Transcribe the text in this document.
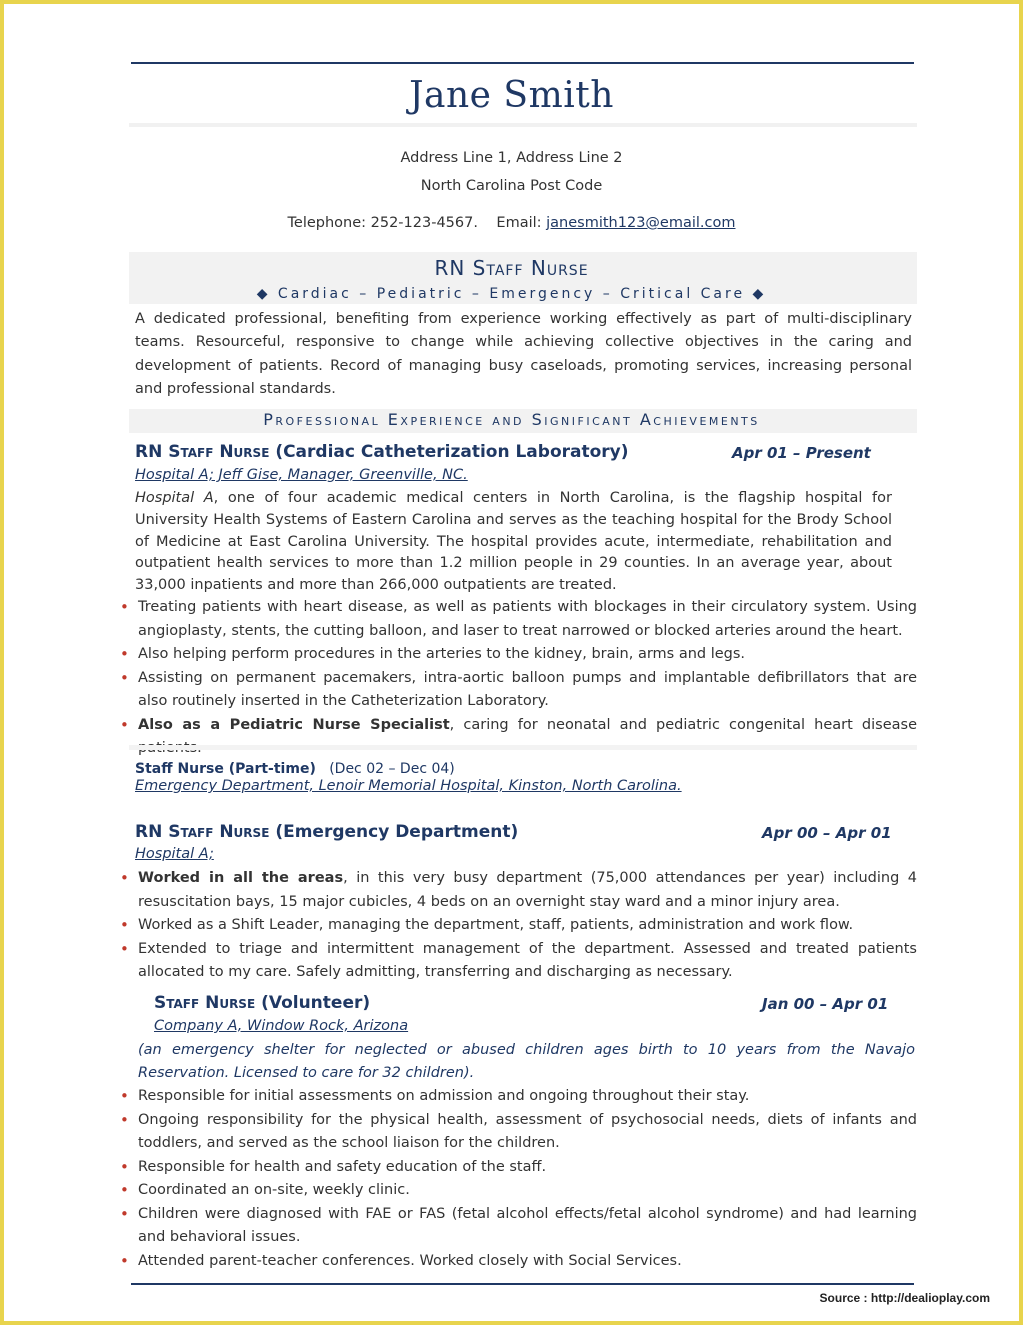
Jane Smith
Address Line 1, Address Line 2
North Carolina Post Code
Telephone: 252-123-4567. Email: janesmith123@email.com
RN Staff Nurse
◆ Cardiac – Pediatric – Emergency – Critical Care ◆
A dedicated professional, benefiting from experience working effectively as part of multi-disciplinary teams. Resourceful, responsive to change while achieving collective objectives in the caring and development of patients. Record of managing busy caseloads, promoting services, increasing personal and professional standards.
Professional Experience and Significant Achievements
RN Staff Nurse (Cardiac Catheterization Laboratory)	Apr 01 – Present
Hospital A; Jeff Gise, Manager, Greenville, NC.
Hospital A, one of four academic medical centers in North Carolina, is the flagship hospital for University Health Systems of Eastern Carolina and serves as the teaching hospital for the Brody School of Medicine at East Carolina University. The hospital provides acute, intermediate, rehabilitation and outpatient health services to more than 1.2 million people in 29 counties. In an average year, about 33,000 inpatients and more than 266,000 outpatients are treated.
• Treating patients with heart disease, as well as patients with blockages in their circulatory system. Using angioplasty, stents, the cutting balloon, and laser to treat narrowed or blocked arteries around the heart.
• Also helping perform procedures in the arteries to the kidney, brain, arms and legs.
• Assisting on permanent pacemakers, intra-aortic balloon pumps and implantable defibrillators that are also routinely inserted in the Catheterization Laboratory.
• Also as a Pediatric Nurse Specialist, caring for neonatal and pediatric congenital heart disease
Staff Nurse (Part-time) (Dec 02 – Dec 04)
Emergency Department, Lenoir Memorial Hospital, Kinston, North Carolina.
RN Staff Nurse (Emergency Department)	Apr 00 – Apr 01
Hospital A;
• Worked in all the areas, in this very busy department (75,000 attendances per year) including 4 resuscitation bays, 15 major cubicles, 4 beds on an overnight stay ward and a minor injury area.
• Worked as a Shift Leader, managing the department, staff, patients, administration and work flow.
• Extended to triage and intermittent management of the department. Assessed and treated patients allocated to my care. Safely admitting, transferring and discharging as necessary.
Staff Nurse (Volunteer)	Jan 00 – Apr 01
Company A, Window Rock, Arizona
(an emergency shelter for neglected or abused children ages birth to 10 years from the Navajo Reservation. Licensed to care for 32 children).
• Responsible for initial assessments on admission and ongoing throughout their stay.
• Ongoing responsibility for the physical health, assessment of psychosocial needs, diets of infants and toddlers, and served as the school liaison for the children.
• Responsible for health and safety education of the staff.
• Coordinated an on-site, weekly clinic.
• Children were diagnosed with FAE or FAS (fetal alcohol effects/fetal alcohol syndrome) and had learning and behavioral issues.
• Attended parent-teacher conferences. Worked closely with Social Services.
Source : http://dealioplay.com
